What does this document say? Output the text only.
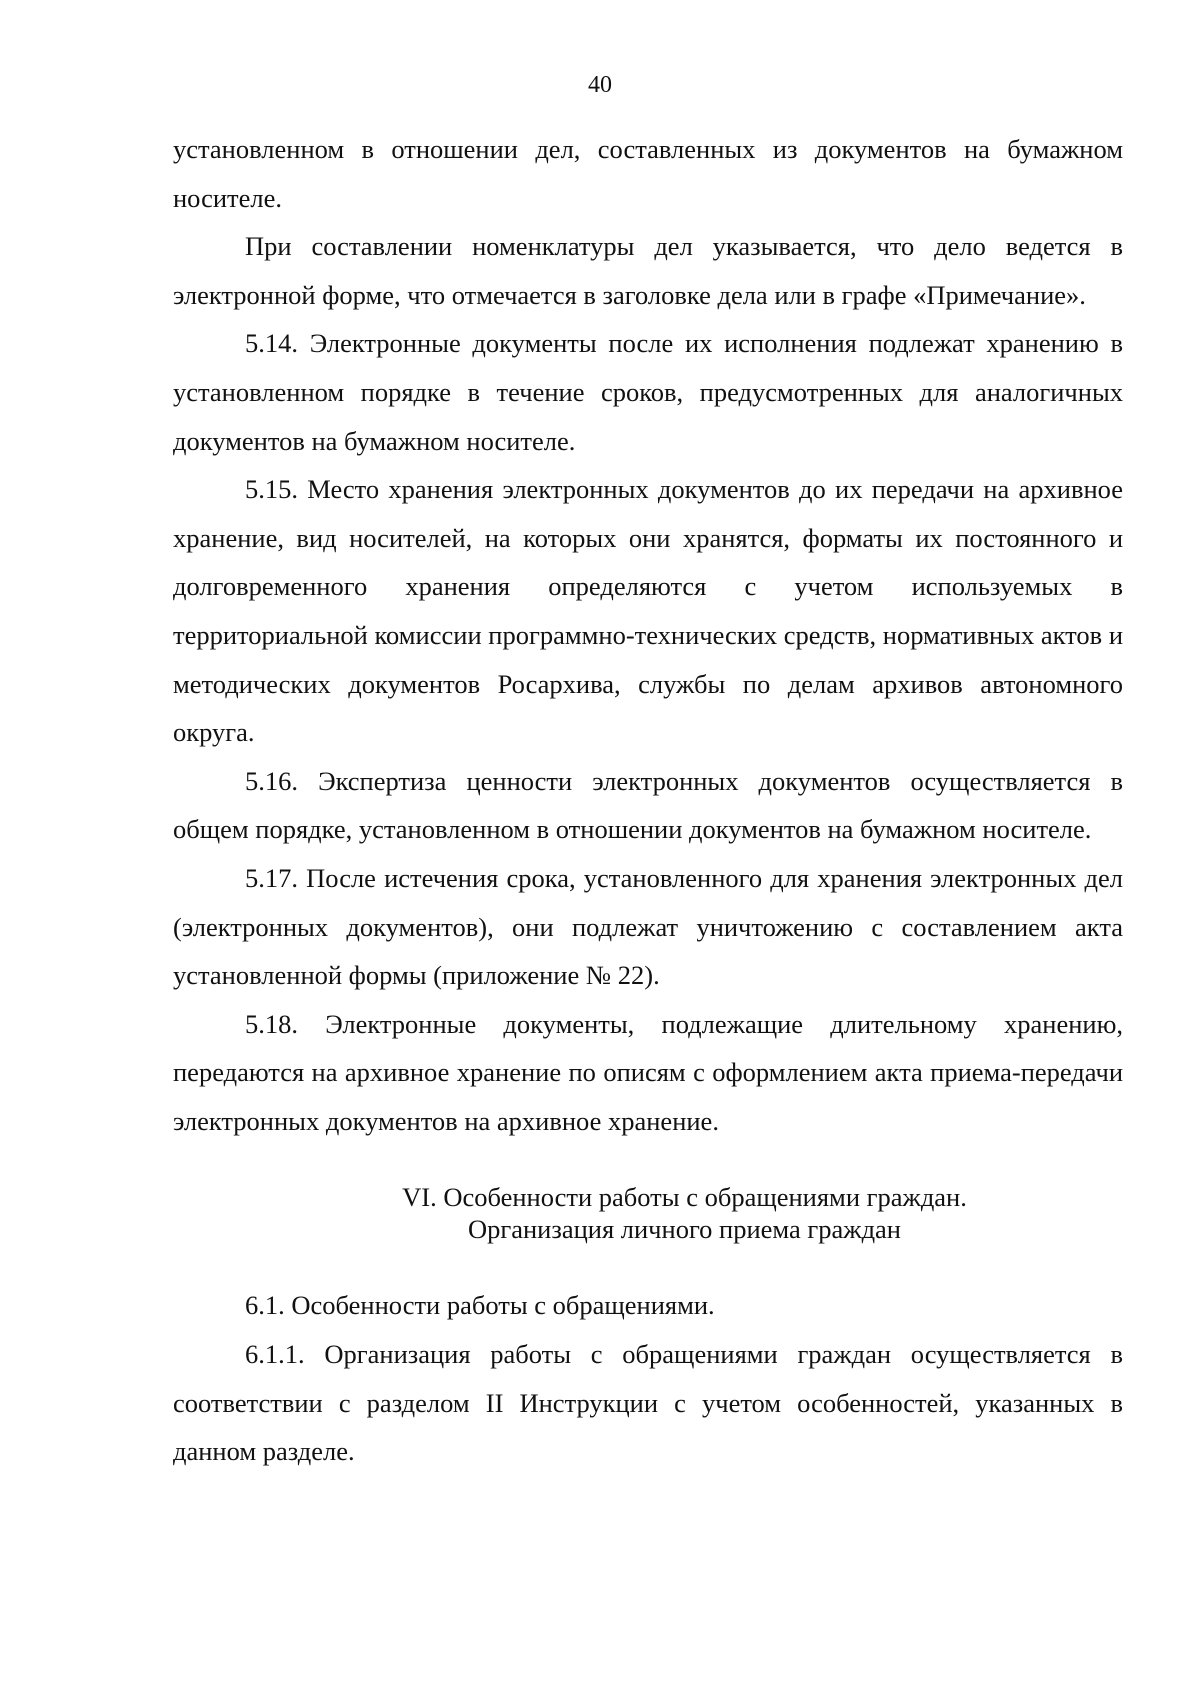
40

установленном в отношении дел, составленных из документов на бумажном носителе.

При составлении номенклатуры дел указывается, что дело ведется в электронной форме, что отмечается в заголовке дела или в графе «Примечание».

5.14. Электронные документы после их исполнения подлежат хранению в установленном порядке в течение сроков, предусмотренных для аналогичных документов на бумажном носителе.

5.15. Место хранения электронных документов до их передачи на архивное хранение, вид носителей, на которых они хранятся, форматы их постоянного и долговременного хранения определяются с учетом используемых в территориальной комиссии программно-технических средств, нормативных актов и методических документов Росархива, службы по делам архивов автономного округа.

5.16. Экспертиза ценности электронных документов осуществляется в общем порядке, установленном в отношении документов на бумажном носителе.

5.17. После истечения срока, установленного для хранения электронных дел (электронных документов), они подлежат уничтожению с составлением акта установленной формы (приложение № 22).

5.18. Электронные документы, подлежащие длительному хранению, передаются на архивное хранение по описям с оформлением акта приема-передачи электронных документов на архивное хранение.

VI. Особенности работы с обращениями граждан.
Организация личного приема граждан

6.1. Особенности работы с обращениями.

6.1.1. Организация работы с обращениями граждан осуществляется в соответствии с разделом II Инструкции с учетом особенностей, указанных в данном разделе.
